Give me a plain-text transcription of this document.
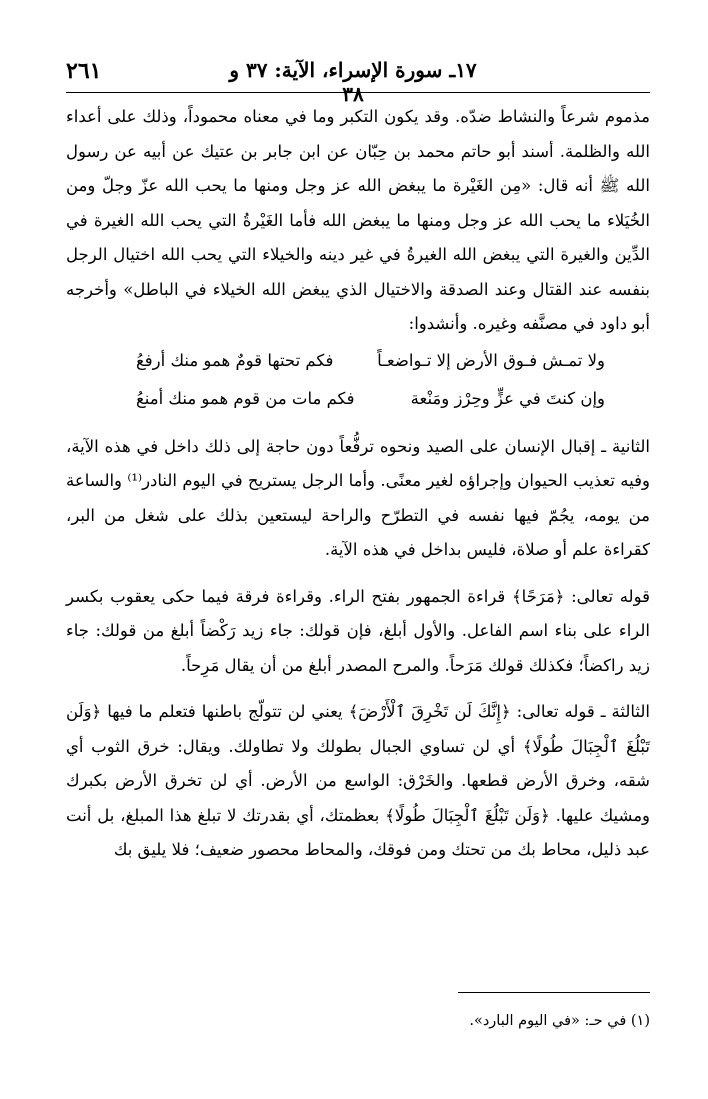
٢٦١	١٧ـ سورة الإسراء، الآية: ٣٧ و ٣٨

مذموم شرعاً والنشاط ضدّه. وقد يكون التكبر وما في معناه محموداً، وذلك على أعداء الله والظلمة. أسند أبو حاتم محمد بن حِبّان عن ابن جابر بن عتيك عن أبيه عن رسول الله ﷺ أنه قال: «مِن الغَيْرة ما يبغض الله عز وجل ومنها ما يحب الله عزّ وجلّ ومن الخُيَلاء ما يحب الله عز وجل ومنها ما يبغض الله فأما الغَيْرةُ التي يحب الله الغيرة في الدِّين والغيرة التي يبغض الله الغيرةُ في غير دينه والخيلاء التي يحب الله اختيال الرجل بنفسه عند القتال وعند الصدقة والاختيال الذي يبغض الله الخيلاء في الباطل» وأخرجه أبو داود في مصنَّفه وغيره. وأنشدوا:

ولا تمـش فـوق الأرض إلا تـواضعـاً
فكم تحتها قومٌ همو منك أرفعُ
وإن كنتَ في عزٍّ وحِرْز ومَنْعة
فكم مات من قوم همو منك أمنعُ

الثانية ـ إقبال الإنسان على الصيد ونحوه ترفُّعاً دون حاجة إلى ذلك داخل في هذه الآية، وفيه تعذيب الحيوان وإجراؤه لغير معنًى. وأما الرجل يستريح في اليوم النادر⁽¹⁾ والساعة من يومه، يجُمّ فيها نفسه في التطرّح والراحة ليستعين بذلك على شغل من البر، كقراءة علم أو صلاة، فليس بداخل في هذه الآية.

قوله تعالى: ﴿مَرَحًا﴾ قراءة الجمهور بفتح الراء. وقراءة فرقة فيما حكى يعقوب بكسر الراء على بناء اسم الفاعل. والأول أبلغ، فإن قولك: جاء زيد رَكْضاً أبلغ من قولك: جاء زيد راكضاً؛ فكذلك قولك مَرَحاً. والمرح المصدر أبلغ من أن يقال مَرِحاً.

الثالثة ـ قوله تعالى: ﴿إِنَّكَ لَن تَخْرِقَ ٱلْأَرْضَ﴾ يعني لن تتولّج باطنها فتعلم ما فيها ﴿وَلَن تَبْلُغَ ٱلْجِبَالَ طُولًا﴾ أي لن تساوي الجبال بطولك ولا تطاولك. ويقال: خرق الثوب أي شقه، وخرق الأرض قطعها. والخَرْق: الواسع من الأرض. أي لن تخرق الأرض بكبرك ومشيك عليها. ﴿وَلَن تَبْلُغَ ٱلْجِبَالَ طُولًا﴾ بعظمتك، أي بقدرتك لا تبلغ هذا المبلغ، بل أنت عبد ذليل، محاط بك من تحتك ومن فوقك، والمحاط محصور ضعيف؛ فلا يليق بك

(١) في حـ: «في اليوم البارد».
